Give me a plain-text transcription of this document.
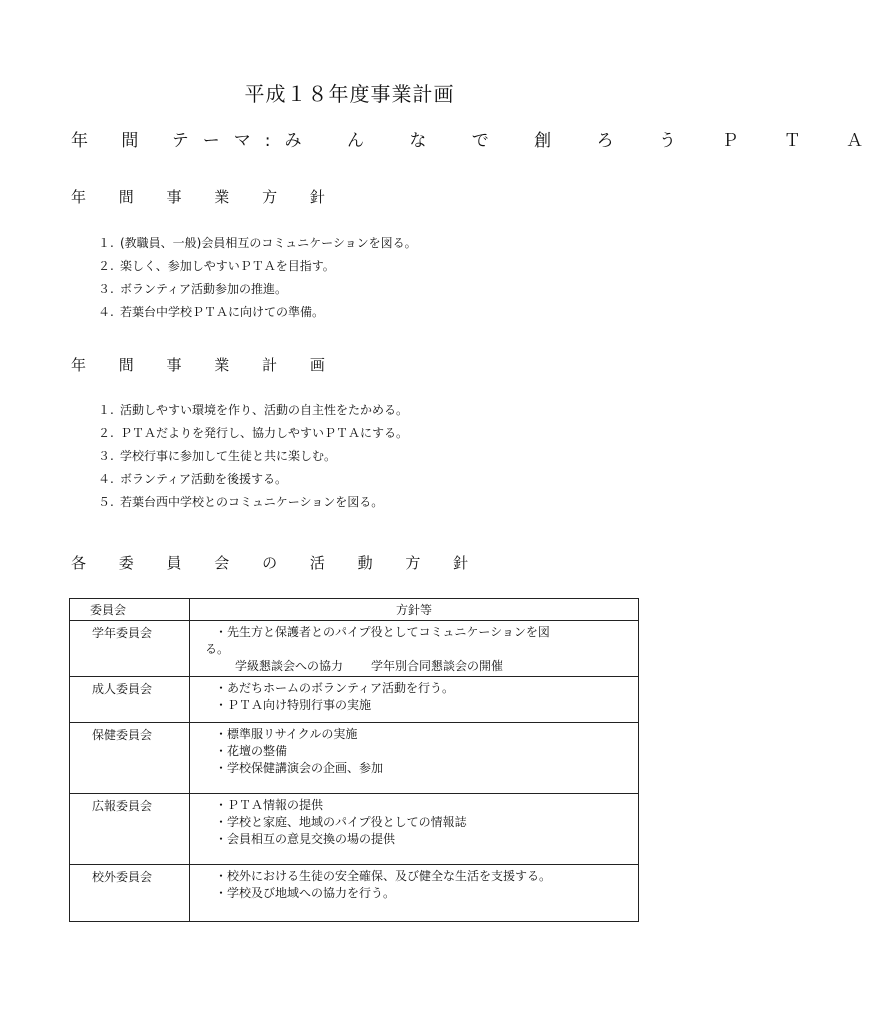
平成１８年度事業計画
年 間 テーマ:み ん な で 創 ろ う Ｐ Ｔ Ａ
年 間 事 業 方 針
１. (教職員、一般)会員相互のコミュニケーションを図る。
２. 楽しく、参加しやすいＰＴＡを目指す。
３. ボランティア活動参加の推進。
４. 若葉台中学校ＰＴＡに向けての準備。
年 間 事 業 計 画
１. 活動しやすい環境を作り、活動の自主性をたかめる。
２. ＰＴＡだよりを発行し、協力しやすいＰＴＡにする。
３. 学校行事に参加して生徒と共に楽しむ。
４. ボランティア活動を後援する。
５. 若葉台西中学校とのコミュニケーションを図る。
各 委 員 会 の 活 動 方 針
委員会	方針等
学年委員会	・先生方と保護者とのパイプ役としてコミュニケーションを図
る。
学級懇談会への協力 学年別合同懇談会の開催

成人委員会	・あだちホームのボランティア活動を行う。
・ＰＴＡ向け特別行事の実施

保健委員会	・標準服リサイクルの実施
・花壇の整備
・学校保健講演会の企画、参加

広報委員会	・ＰＴＡ情報の提供
・学校と家庭、地域のパイプ役としての情報誌
・会員相互の意見交換の場の提供

校外委員会	・校外における生徒の安全確保、及び健全な生活を支援する。
・学校及び地域への協力を行う。
